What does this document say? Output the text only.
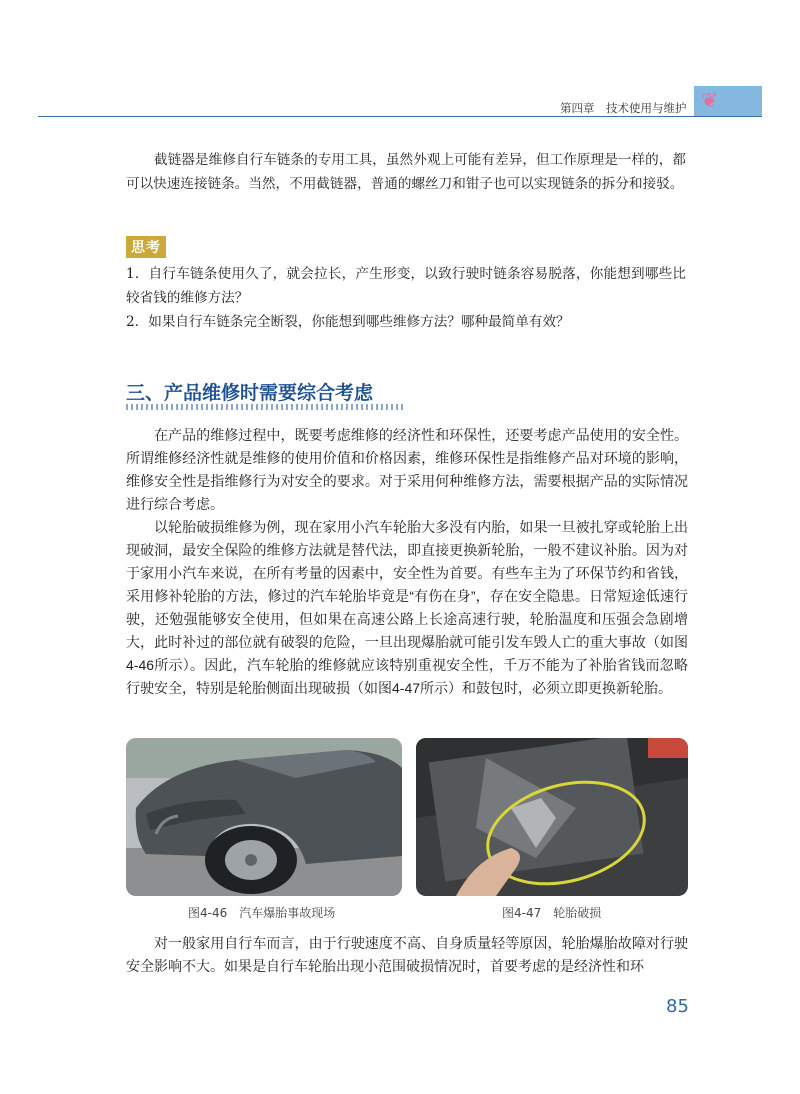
❦
第四章　技术使用与维护
截链器是维修自行车链条的专用工具，虽然外观上可能有差异，但工作原理是一样的，都可以快速连接链条。当然，不用截链器，普通的螺丝刀和钳子也可以实现链条的拆分和接驳。
思考
1．自行车链条使用久了，就会拉长，产生形变，以致行驶时链条容易脱落，你能想到哪些比较省钱的维修方法？
2．如果自行车链条完全断裂，你能想到哪些维修方法？哪种最简单有效？
三、产品维修时需要综合考虑
在产品的维修过程中，既要考虑维修的经济性和环保性，还要考虑产品使用的安全性。所谓维修经济性就是维修的使用价值和价格因素，维修环保性是指维修产品对环境的影响，维修安全性是指维修行为对安全的要求。对于采用何种维修方法，需要根据产品的实际情况进行综合考虑。
以轮胎破损维修为例，现在家用小汽车轮胎大多没有内胎，如果一旦被扎穿或轮胎上出现破洞，最安全保险的维修方法就是替代法，即直接更换新轮胎，一般不建议补胎。因为对于家用小汽车来说，在所有考量的因素中，安全性为首要。有些车主为了环保节约和省钱，采用修补轮胎的方法，修过的汽车轮胎毕竟是“有伤在身”，存在安全隐患。日常短途低速行驶，还勉强能够安全使用，但如果在高速公路上长途高速行驶，轮胎温度和压强会急剧增大，此时补过的部位就有破裂的危险，一旦出现爆胎就可能引发车毁人亡的重大事故（如图4-46所示）。因此，汽车轮胎的维修就应该特别重视安全性，千万不能为了补胎省钱而忽略行驶安全，特别是轮胎侧面出现破损（如图4-47所示）和鼓包时，必须立即更换新轮胎。
图4-46　汽车爆胎事故现场	图4-47　轮胎破损
对一般家用自行车而言，由于行驶速度不高、自身质量轻等原因，轮胎爆胎故障对行驶安全影响不大。如果是自行车轮胎出现小范围破损情况时，首要考虑的是经济性和环
85
